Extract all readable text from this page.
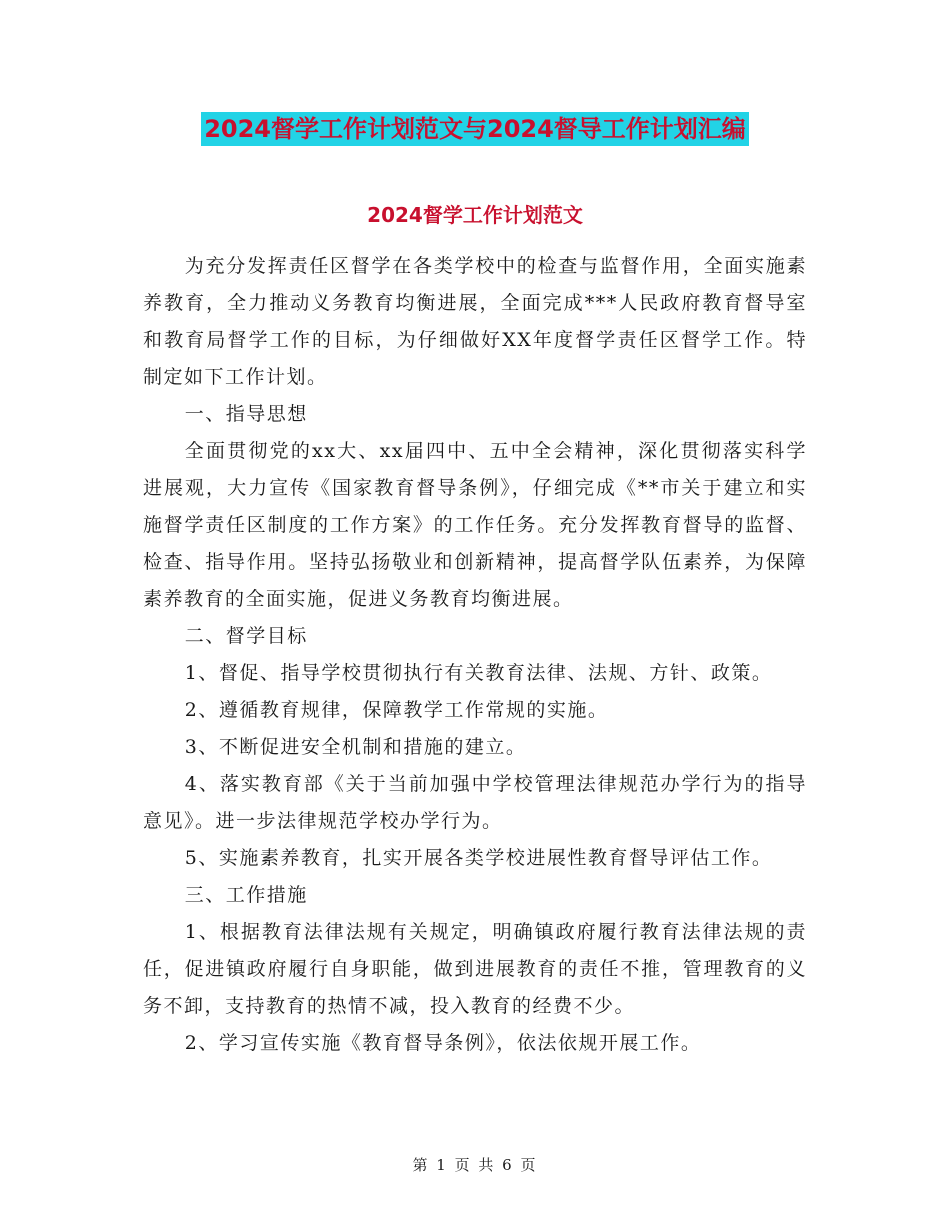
2024督学工作计划范文与2024督导工作计划汇编
2024督学工作计划范文

为充分发挥责任区督学在各类学校中的检查与监督作用，全面实施素养教育，全力推动义务教育均衡进展，全面完成***人民政府教育督导室和教育局督学工作的目标，为仔细做好XX年度督学责任区督学工作。特制定如下工作计划。

一、指导思想

全面贯彻党的xx大、xx届四中、五中全会精神，深化贯彻落实科学进展观，大力宣传《国家教育督导条例》，仔细完成《**市关于建立和实施督学责任区制度的工作方案》的工作任务。充分发挥教育督导的监督、检查、指导作用。坚持弘扬敬业和创新精神，提高督学队伍素养，为保障素养教育的全面实施，促进义务教育均衡进展。

二、督学目标

1、督促、指导学校贯彻执行有关教育法律、法规、方针、政策。

2、遵循教育规律，保障教学工作常规的实施。

3、不断促进安全机制和措施的建立。

4、落实教育部《关于当前加强中学校管理法律规范办学行为的指导意见》。进一步法律规范学校办学行为。

5、实施素养教育，扎实开展各类学校进展性教育督导评估工作。

三、工作措施

1、根据教育法律法规有关规定，明确镇政府履行教育法律法规的责任，促进镇政府履行自身职能，做到进展教育的责任不推，管理教育的义务不卸，支持教育的热情不减，投入教育的经费不少。

2、学习宣传实施《教育督导条例》，依法依规开展工作。

第 1 页 共 6 页
